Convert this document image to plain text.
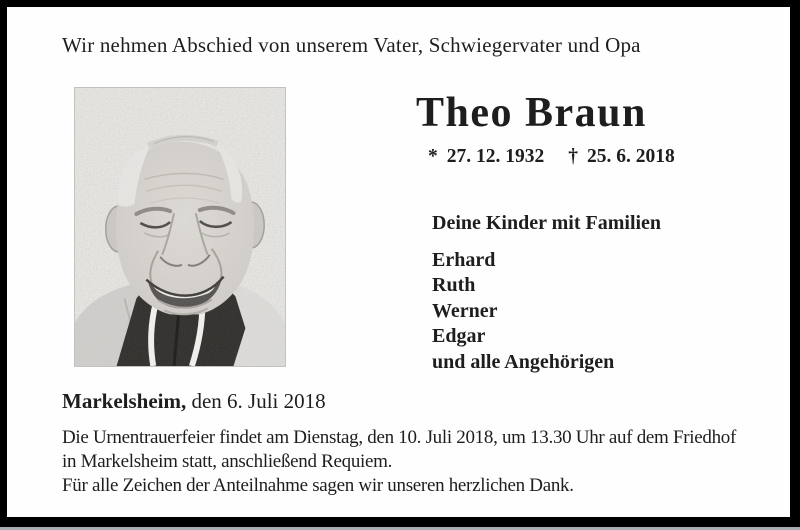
Wir nehmen Abschied von unserem Vater, Schwiegervater und Opa
Theo Braun
* 27. 12. 1932 † 25. 6. 2018
Deine Kinder mit Familien
Erhard
Ruth
Werner
Edgar
und alle Angehörigen
Markelsheim, den 6. Juli 2018
Die Urnentrauerfeier findet am Dienstag, den 10. Juli 2018, um 13.30 Uhr auf dem Friedhof
in Markelsheim statt, anschließend Requiem.
Für alle Zeichen der Anteilnahme sagen wir unseren herzlichen Dank.
